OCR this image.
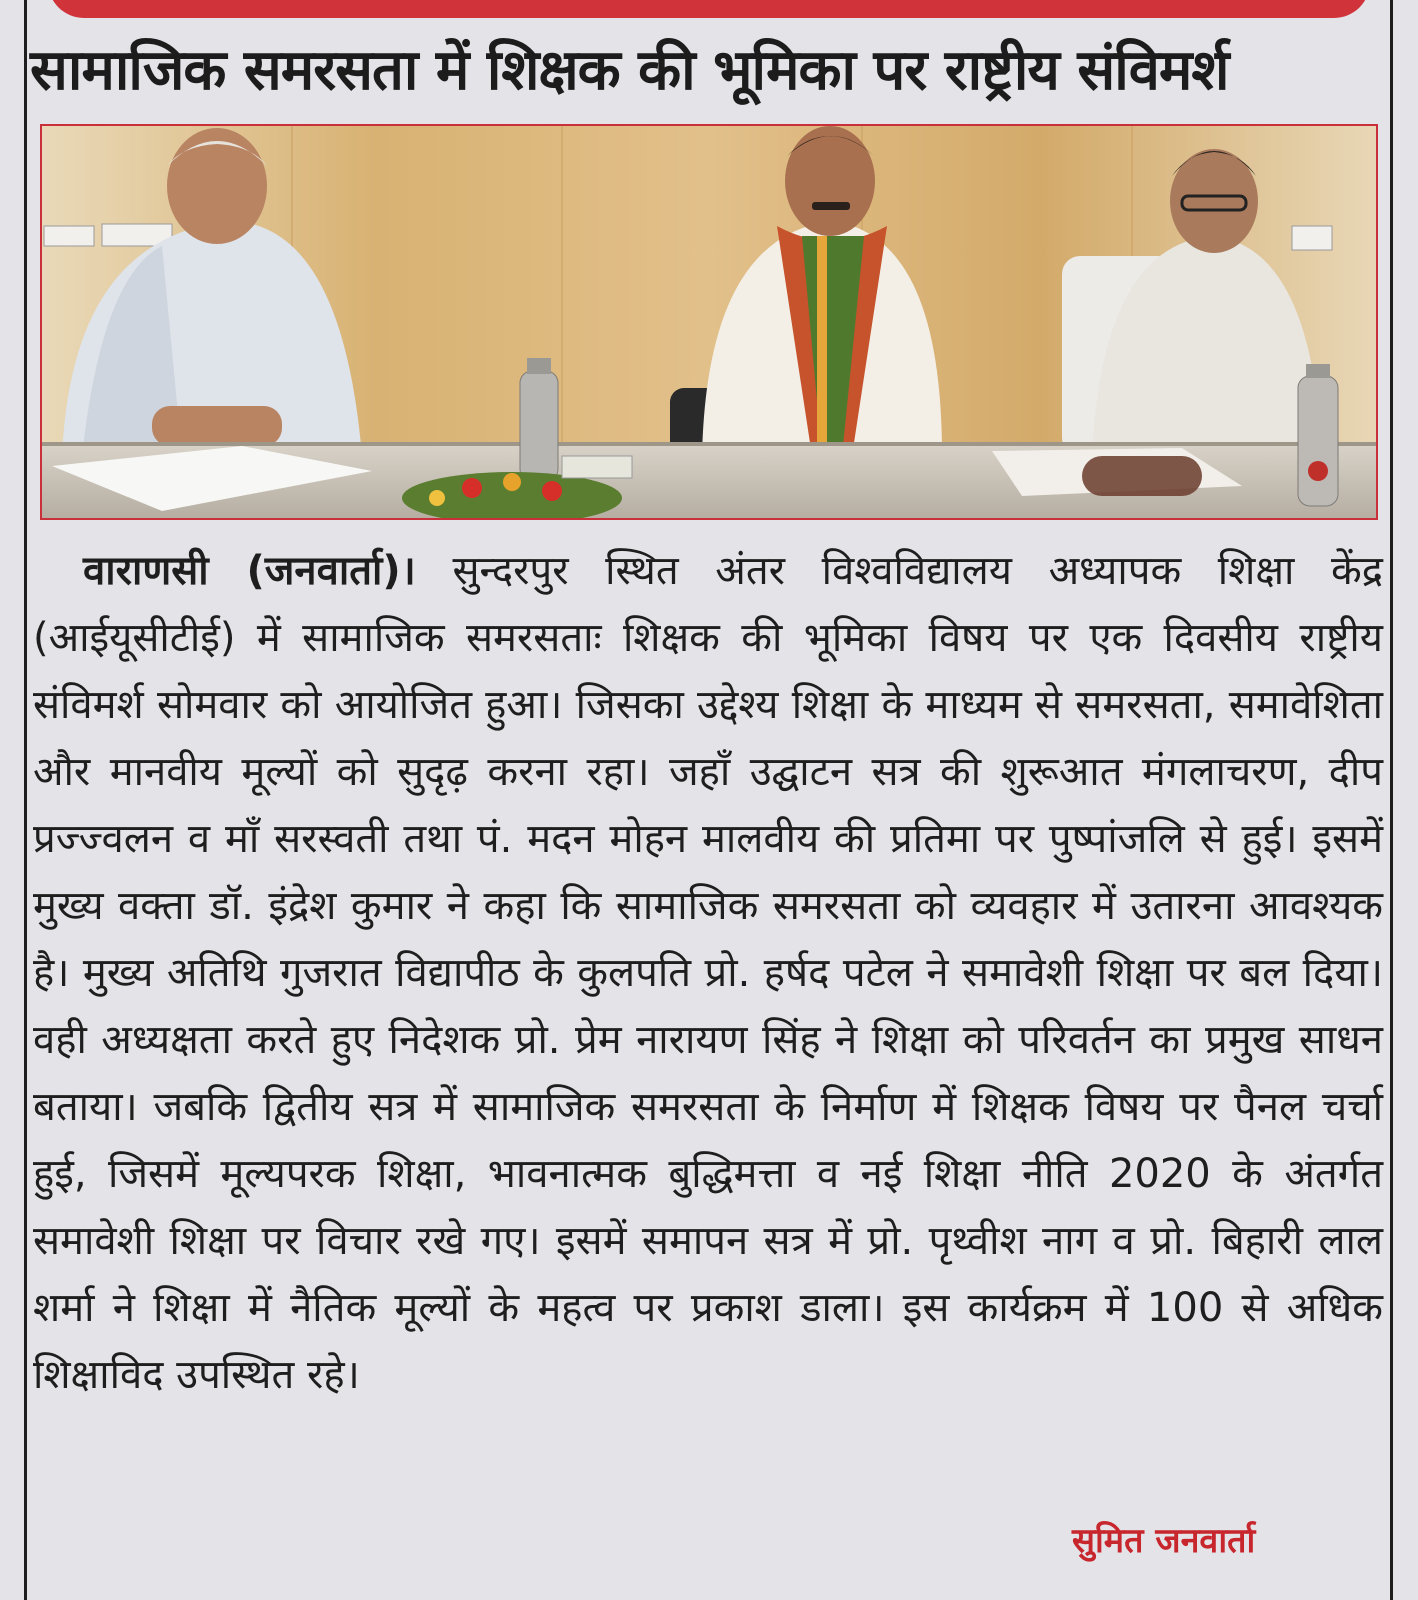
सामाजिक समरसता में शिक्षक की भूमिका पर राष्ट्रीय संविमर्श

वाराणसी (जनवार्ता)। सुन्दरपुर स्थित अंतर विश्वविद्यालय अध्यापक शिक्षा केंद्र (आईयूसीटीई) में सामाजिक समरसताः शिक्षक की भूमिका विषय पर एक दिवसीय राष्ट्रीय संविमर्श सोमवार को आयोजित हुआ। जिसका उद्देश्य शिक्षा के माध्यम से समरसता, समावेशिता और मानवीय मूल्यों को सुदृढ़ करना रहा। जहाँ उद्घाटन सत्र की शुरूआत मंगलाचरण, दीप प्रज्ज्वलन व माँ सरस्वती तथा पं. मदन मोहन मालवीय की प्रतिमा पर पुष्पांजलि से हुई। इसमें मुख्य वक्ता डॉ. इंद्रेश कुमार ने कहा कि सामाजिक समरसता को व्यवहार में उतारना आवश्यक है। मुख्य अतिथि गुजरात विद्यापीठ के कुलपति प्रो. हर्षद पटेल ने समावेशी शिक्षा पर बल दिया। वही अध्यक्षता करते हुए निदेशक प्रो. प्रेम नारायण सिंह ने शिक्षा को परिवर्तन का प्रमुख साधन बताया। जबकि द्वितीय सत्र में सामाजिक समरसता के निर्माण में शिक्षक विषय पर पैनल चर्चा हुई, जिसमें मूल्यपरक शिक्षा, भावनात्मक बुद्धिमत्ता व नई शिक्षा नीति 2020 के अंतर्गत समावेशी शिक्षा पर विचार रखे गए। इसमें समापन सत्र में प्रो. पृथ्वीश नाग व प्रो. बिहारी लाल शर्मा ने शिक्षा में नैतिक मूल्यों के महत्व पर प्रकाश डाला। इस कार्यक्रम में 100 से अधिक शिक्षाविद उपस्थित रहे।

सुमित जनवार्ता
